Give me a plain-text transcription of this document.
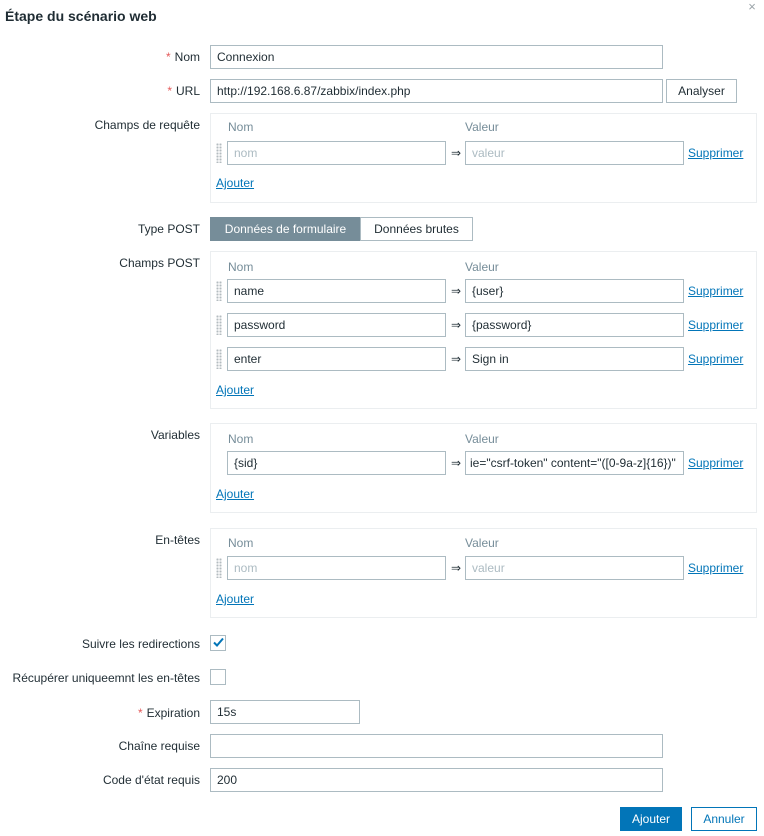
Étape du scénario web
×
* Nom	Connexion
* URL	http://192.168.6.87/zabbix/index.php	Analyser
Champs de requête Nom	Valeur
nom	⇒ valeur	Supprimer
Ajouter
Type POST	Données de formulaire	Données brutes
Champs POST Nom	Valeur
name	⇒ {user}	Supprimer
password	⇒ {password}	Supprimer
enter	⇒ Sign in	Supprimer
Ajouter
Variables Nom	Valeur
{sid}	⇒ ie="csrf-token" content="([0-9a-z]{16})"	Supprimer
Ajouter
En-têtes Nom	Valeur
nom	⇒ valeur	Supprimer
Ajouter
Suivre les redirections
Récupérer uniqueemnt les en-têtes
* Expiration	15s
Chaîne requise
Code d'état requis	200
Ajouter	Annuler
